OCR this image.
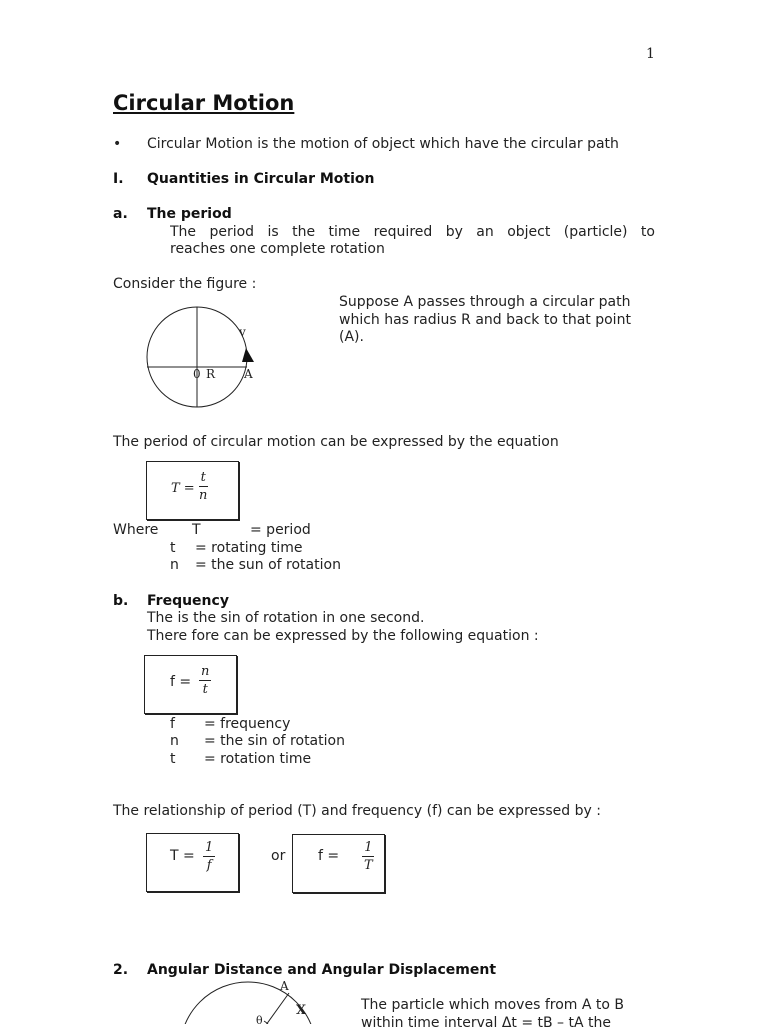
1
Circular Motion
• Circular Motion is the motion of object which have the circular path
I. Quantities in Circular Motion
a. The period
The period is the time required by an object (particle) to
reaches one complete rotation
Consider the figure :
v
0 R A
Suppose A passes through a circular path
which has radius R and back to that point
(A).
The period of circular motion can be expressed by the equation
$T = \frac{t}{n}$
Where T	= period
t = rotating time
n = the sun of rotation
b. Frequency
The is the sin of rotation in one second.
There fore can be expressed by the following equation :
$f = \frac{n}{t}$
f = frequency
n = the sin of rotation
t = rotation time
The relationship of period (T) and frequency (f) can be expressed by :
$T = \frac{1}{f}$	or $f = \frac{1}{T}$
2. Angular Distance and Angular Displacement
A
X
θ
The particle which moves from A to B
within time interval Δt = tB – tA the
